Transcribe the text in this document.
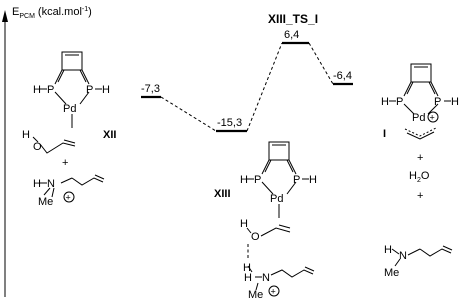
$E_{PCM}$ (kcal.mol$^{-1}$)
-7,3
-15,3
6,4
-6,4
XIII_TS_I
H P	P H
Pd
H
O
+
H N
Me +
XII
H P	P H
Pd
H
O
H
H N
Me +
XIII
H P	P H
Pd +
I
+
$H_2O$
+
H N
Me
